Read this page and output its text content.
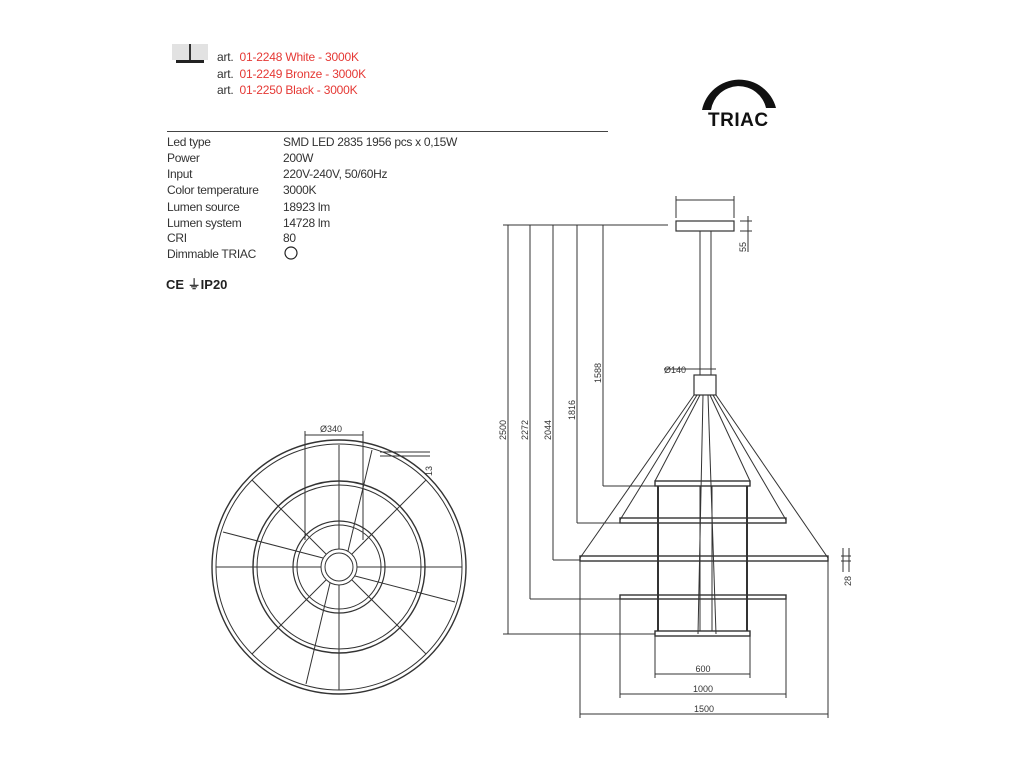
art. 01-2248 White - 3000K
art. 01-2249 Bronze - 3000K
art. 01-2250 Black - 3000K
TRIAC
Led type	SMD LED 2835 1956 pcs x 0,15W
Power	200W
Input	220V-240V, 50/60Hz
Color temperature 3000K
Lumen source	18923 lm
Lumen system	14728 lm
CRI	80
Dimmable TRIAC
CE ⏚IP20
Ø340
13
Ø140
55
28
2500 2272 2044
1816
1588
600
1000
1500
